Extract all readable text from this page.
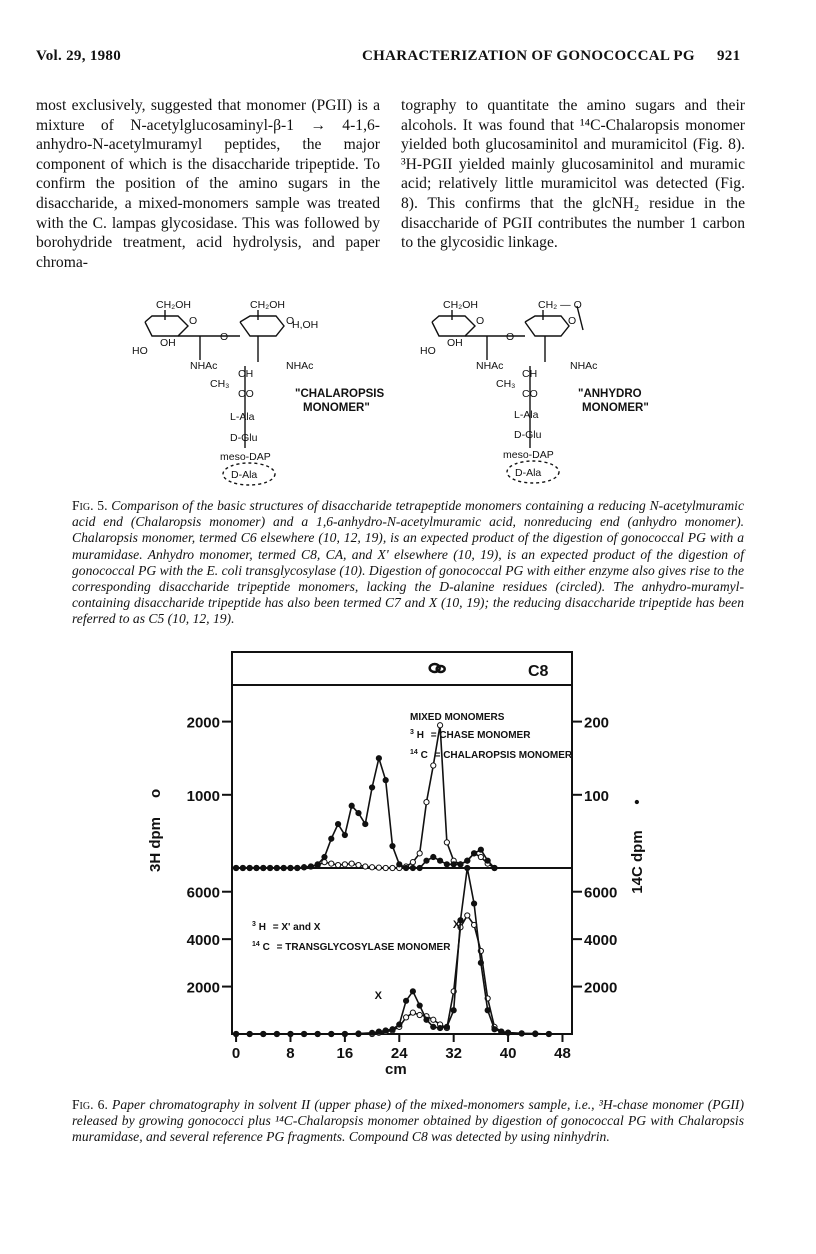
Vol. 29, 1980	CHARACTERIZATION OF GONOCOCCAL PG 921

most exclusively, suggested that monomer (PGII) is a mixture of N-acetylglucosaminyl-β-1 → 4-1,6-anhydro-N-acetylmuramyl peptides, the major component of which is the disaccharide tripeptide. To confirm the position of the amino sugars in the disaccharide, a mixed-monomers sample was treated with the C. lampas glycosidase. This was followed by borohydride treatment, acid hydrolysis, and paper chroma-

tography to quantitate the amino sugars and their alcohols. It was found that ¹⁴C-Chalaropsis monomer yielded both glucosaminitol and muramicitol (Fig. 8). ³H-PGII yielded mainly glucosaminitol and muramic acid; relatively little muramicitol was detected (Fig. 8). This confirms that the glcNH₂ residue in the disaccharide of PGII contributes the number 1 carbon to the glycosidic linkage.

CH₂OH	CH₂OH
O	O
O
H,OH
OH
HO
NHAc	NHAc
CH
CH₃
CO
L-Ala
D-Glu
meso-DAP
D-Ala
"CHALAROPSIS
MONOMER"
CH₂OH	CH₂ — O
O	O
O
OH
HO
NHAc	NHAc
CH
CH₃
CO
L-Ala
D-Glu
meso-DAP
D-Ala
"ANHYDRO
MONOMER"
Fig. 5. Comparison of the basic structures of disaccharide tetrapeptide monomers containing a reducing N-acetylmuramic acid end (Chalaropsis monomer) and a 1,6-anhydro-N-acetylmuramic acid, nonreducing end (anhydro monomer). Chalaropsis monomer, termed C6 elsewhere (10, 12, 19), is an expected product of the digestion of gonococcal PG with a muramidase. Anhydro monomer, termed C8, CA, and X' elsewhere (10, 19), is an expected product of the digestion of gonococcal PG with the E. coli transglycosylase (10). Digestion of gonococcal PG with either enzyme also gives rise to the corresponding disaccharide tripeptide monomers, lacking the D-alanine residues (circled). The anhydro-muramyl-containing disaccharide tripeptide has also been termed C7 and X (10, 19); the reducing disaccharide tripeptide has been referred to as C5 (10, 12, 19).
0	8	16	24	32	40	48
1000
2000
100
200
2000
4000
6000
2000
4000
6000
X
X'
C8
MIXED MONOMERS
$^3$ H = CHASE MONOMER
$^{14}$ C = CHALAROPSIS MONOMER
$^3$ H = X' and X
$^{14}$ C = TRANSGLYCOSYLASE MONOMER
3H dpm
o
14C dpm
•
cm
Fig. 6. Paper chromatography in solvent II (upper phase) of the mixed-monomers sample, i.e., ³H-chase monomer (PGII) released by growing gonococci plus ¹⁴C-Chalaropsis monomer obtained by digestion of gonococcal PG with Chalaropsis muramidase, and several reference PG fragments. Compound C8 was detected by using ninhydrin.
